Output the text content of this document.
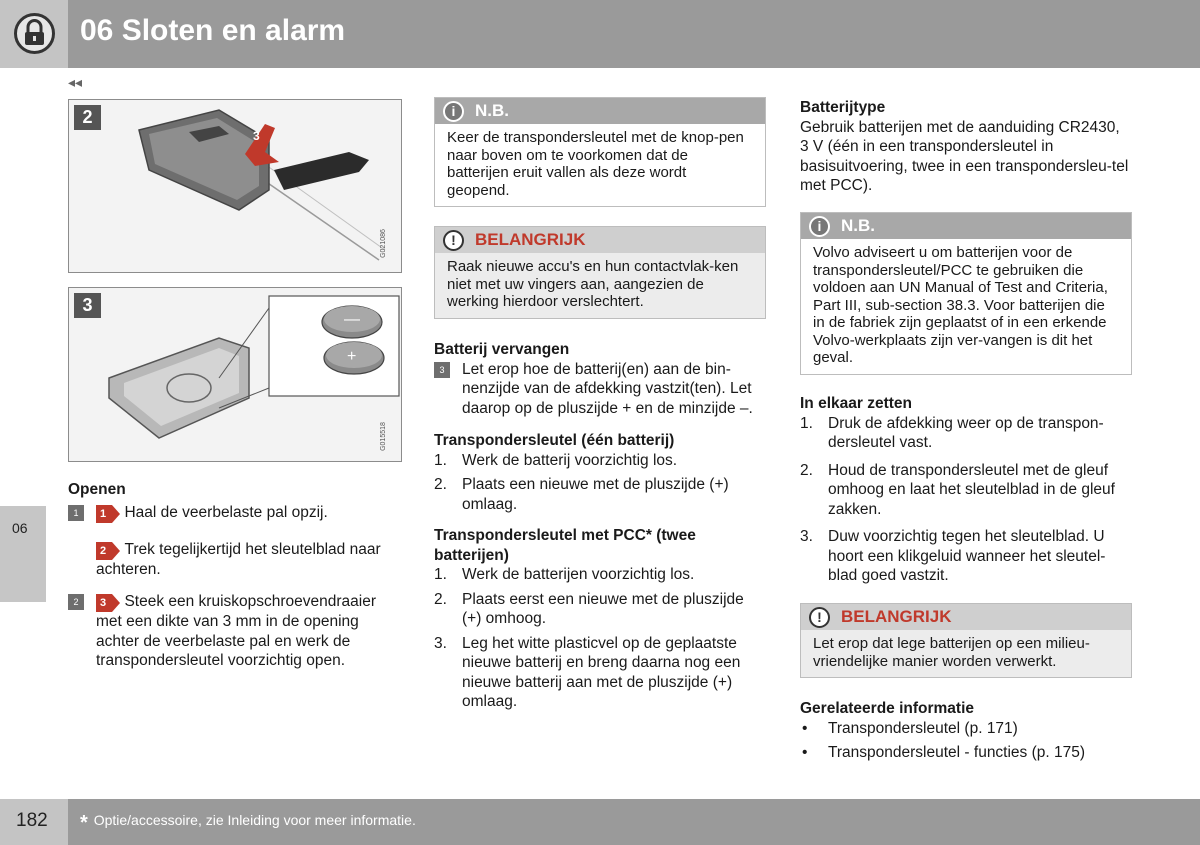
06 Sloten en alarm
◂◂
06
3
2
G021086
—
+
3
G015518
Openen
1	1 Haal de veerbelaste pal opzij.
2 Trek tegelijkertijd het sleutelblad naar achteren.
2	3 Steek een kruiskopschroevendraaier met een dikte van 3 mm in de opening achter de veerbelaste pal en werk de transpondersleutel voorzichtig open.
i	N.B.
Keer de transpondersleutel met de knop-pen naar boven om te voorkomen dat de batterijen eruit vallen als deze wordt geopend.
!	BELANGRIJK
Raak nieuwe accu's en hun contactvlak-ken niet met uw vingers aan, aangezien de werking hierdoor verslechtert.
Batterij vervangen
3	Let erop hoe de batterij(en) aan de bin-nenzijde van de afdekking vastzit(ten). Let daarop op de pluszijde + en de minzijde –.
Transpondersleutel (één batterij)
1. Werk de batterij voorzichtig los.
2. Plaats een nieuwe met de pluszijde (+) omlaag.
Transpondersleutel met PCC* (twee batterijen)
1. Werk de batterijen voorzichtig los.
2. Plaats eerst een nieuwe met de pluszijde (+) omhoog.
3. Leg het witte plasticvel op de geplaatste nieuwe batterij en breng daarna nog een nieuwe batterij aan met de pluszijde (+) omlaag.
Batterijtype
Gebruik batterijen met de aanduiding CR2430, 3 V (één in een transpondersleutel in basisuitvoering, twee in een transpondersleu-tel met PCC).
i	N.B.
Volvo adviseert u om batterijen voor de transpondersleutel/PCC te gebruiken die voldoen aan UN Manual of Test and Criteria, Part III, sub-section 38.3. Voor batterijen die in de fabriek zijn geplaatst of in een erkende Volvo-werkplaats zijn ver-vangen is dit het geval.
In elkaar zetten
1. Druk de afdekking weer op de transpon-dersleutel vast.
2. Houd de transpondersleutel met de gleuf omhoog en laat het sleutelblad in de gleuf zakken.
3. Duw voorzichtig tegen het sleutelblad. U hoort een klikgeluid wanneer het sleutel-blad goed vastzit.
!	BELANGRIJK
Let erop dat lege batterijen op een milieu-vriendelijke manier worden verwerkt.
Gerelateerde informatie
• Transpondersleutel (p. 171)
• Transpondersleutel - functies (p. 175)
182 * Optie/accessoire, zie Inleiding voor meer informatie.
